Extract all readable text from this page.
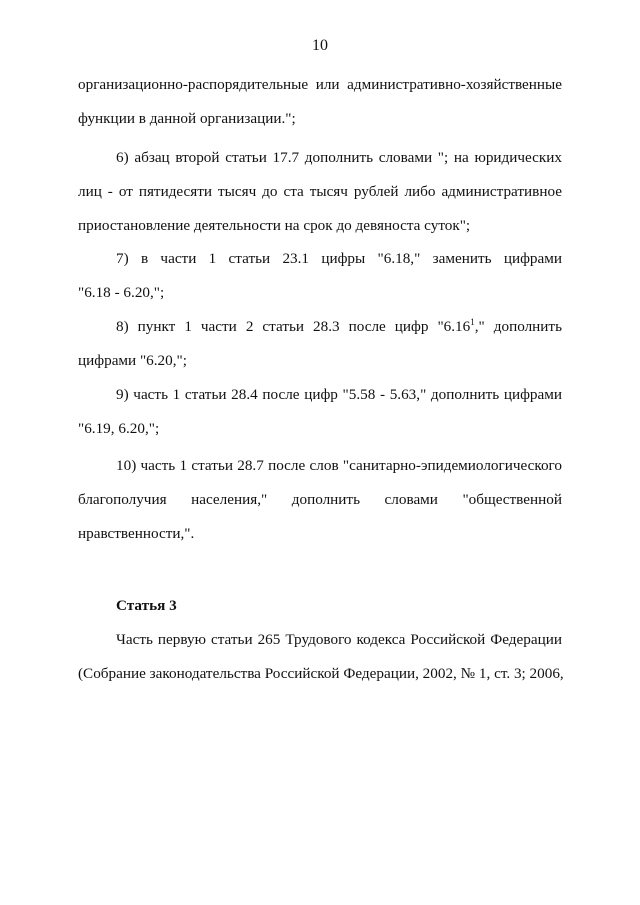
10
организационно-распорядительные или административно-хозяйственные
функции в данной организации.";
6) абзац второй статьи 17.7 дополнить словами "; на юридических
лиц - от пятидесяти тысяч до ста тысяч рублей либо административное
приостановление деятельности на срок до девяноста суток";
7) в части 1 статьи 23.1 цифры "6.18," заменить цифрами
"6.18 - 6.20,";
8) пункт 1 части 2 статьи 28.3 после цифр "6.16$^1$," дополнить
цифрами "6.20,";
9) часть 1 статьи 28.4 после цифр "5.58 - 5.63," дополнить цифрами
"6.19, 6.20,";
10) часть 1 статьи 28.7 после слов "санитарно-эпидемиологического
благополучия населения," дополнить словами "общественной
нравственности,".
Статья 3
Часть первую статьи 265 Трудового кодекса Российской Федерации
(Собрание законодательства Российской Федерации, 2002, № 1, ст. 3; 2006,
